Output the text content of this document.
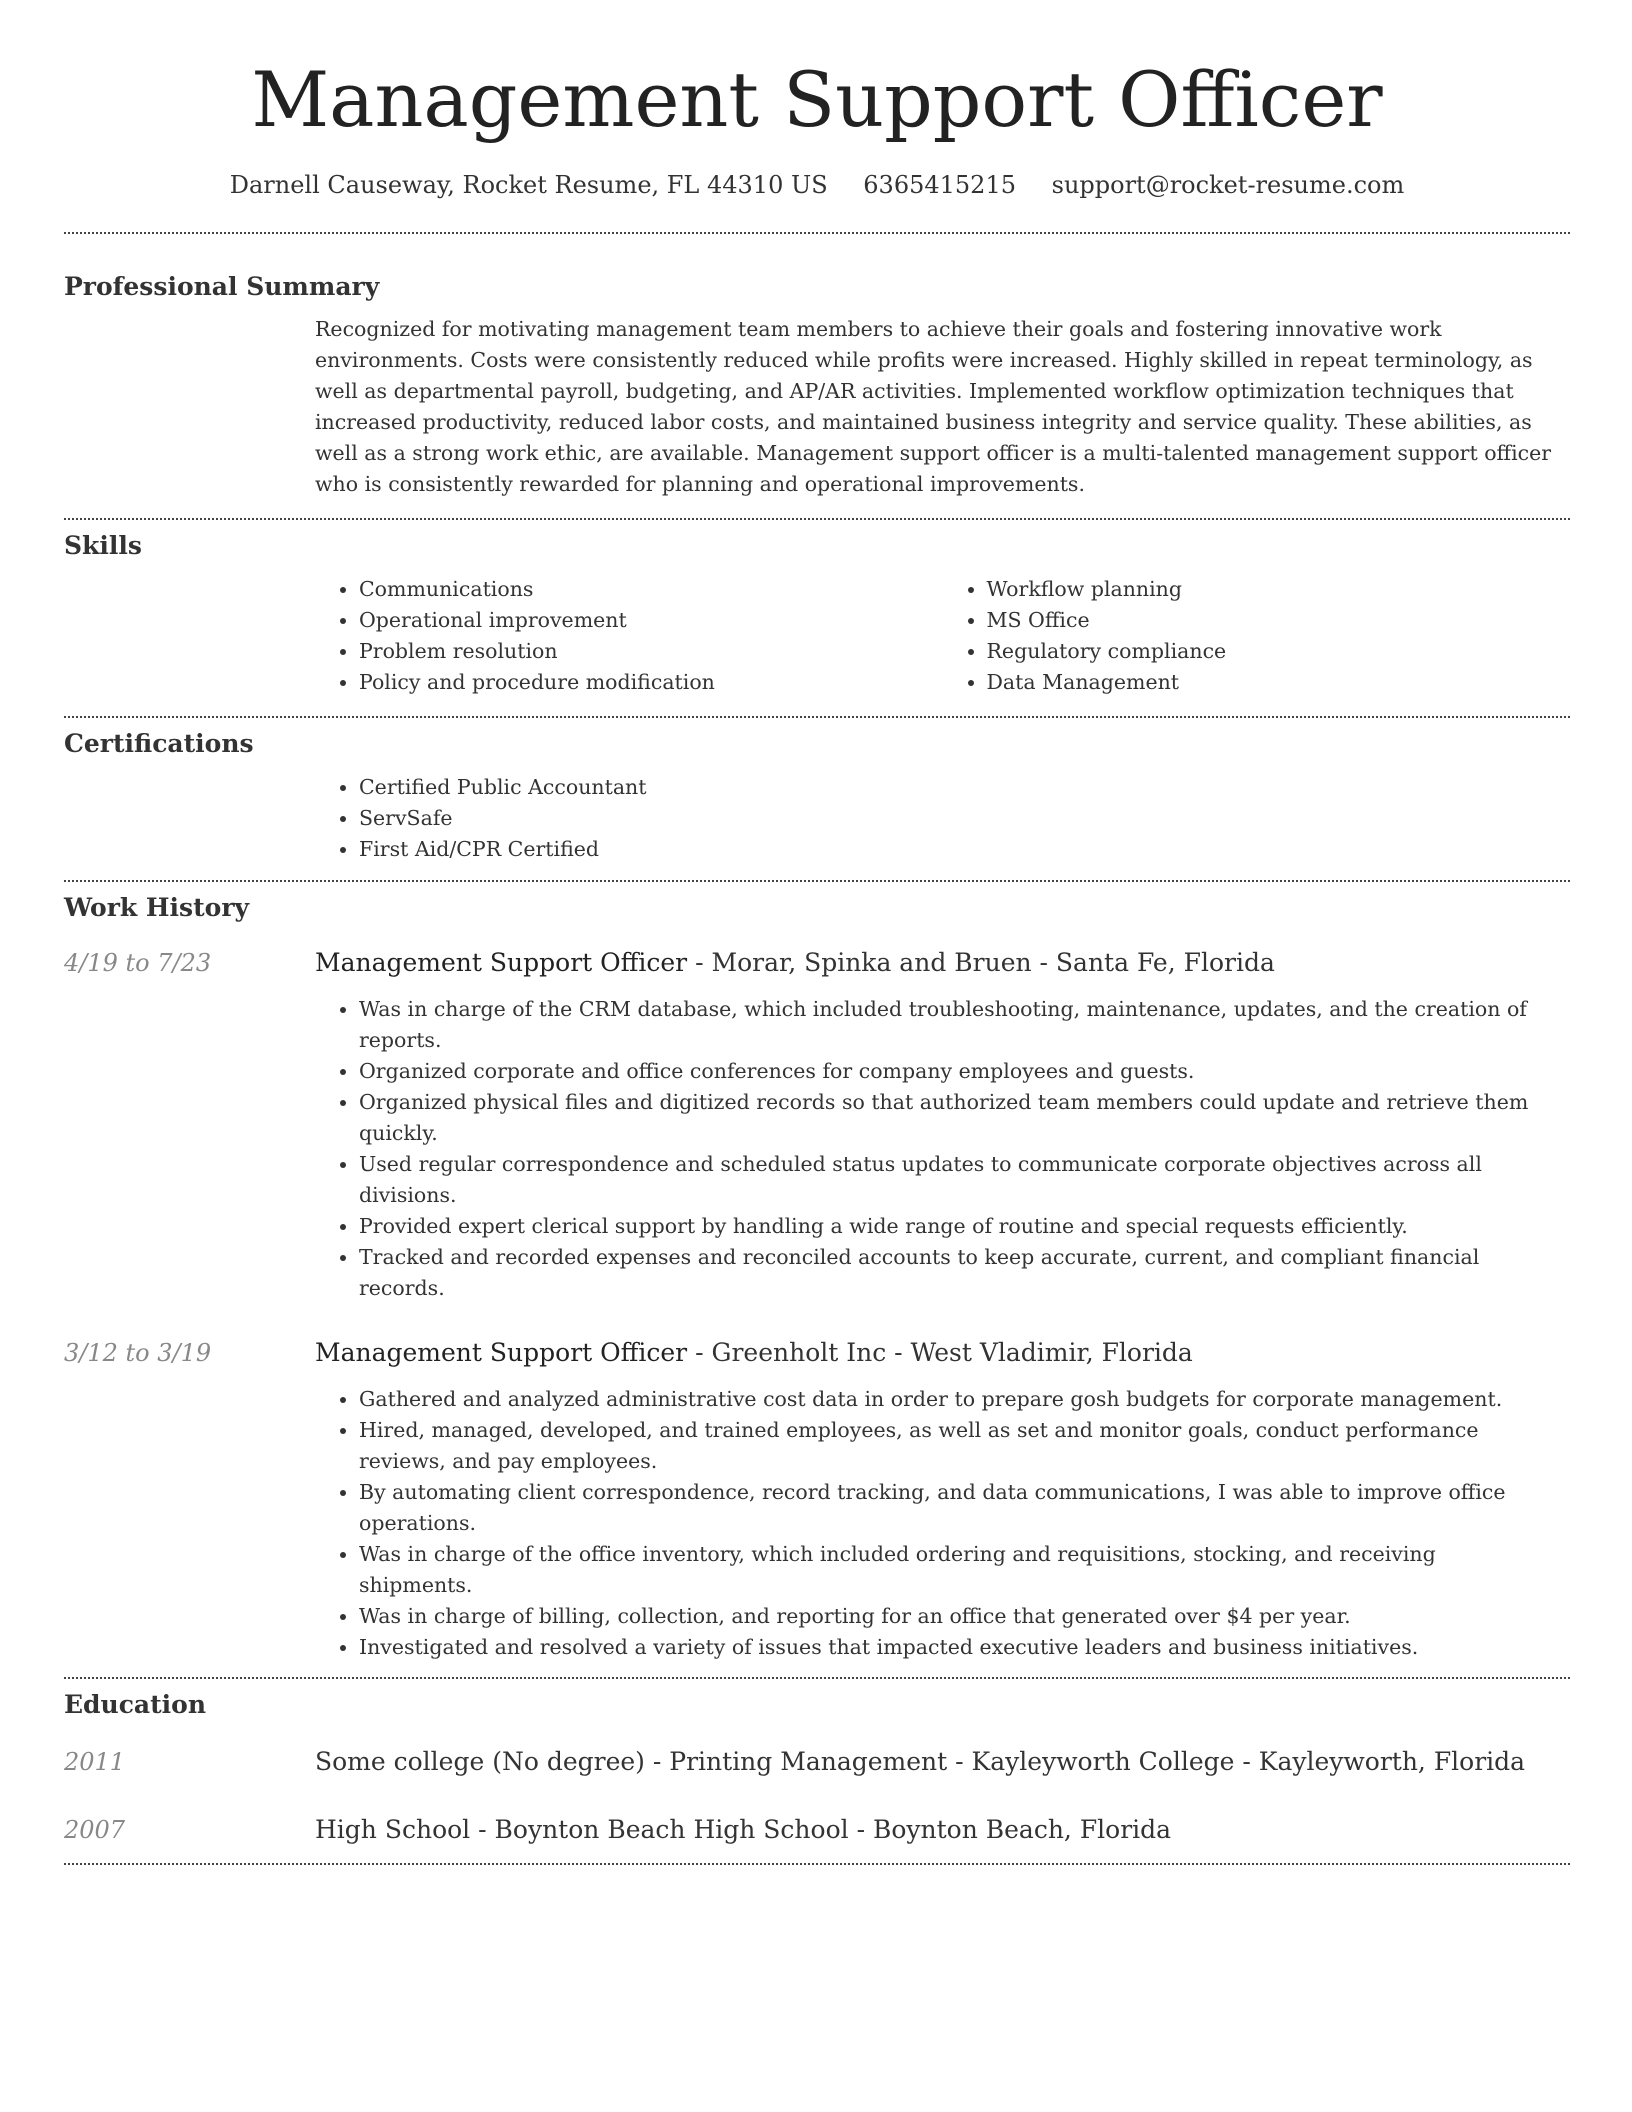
Management Support Officer
Darnell Causeway, Rocket Resume, FL 44310 US 6365415215 support@rocket-resume.com
Professional Summary
Recognized for motivating management team members to achieve their goals and fostering innovative work environments. Costs were consistently reduced while profits were increased. Highly skilled in repeat terminology, as well as departmental payroll, budgeting, and AP/AR activities. Implemented workflow optimization techniques that increased productivity, reduced labor costs, and maintained business integrity and service quality. These abilities, as well as a strong work ethic, are available. Management support officer is a multi-talented management support officer who is consistently rewarded for planning and operational improvements.
Skills
• Communications
• Operational improvement
• Problem resolution
• Policy and procedure modification
• Workflow planning
• MS Office
• Regulatory compliance
• Data Management
Certifications
• Certified Public Accountant
• ServSafe
• First Aid/CPR Certified
Work History
4/19 to 7/23	Management Support Officer - Morar, Spinka and Bruen - Santa Fe, Florida
• Was in charge of the CRM database, which included troubleshooting, maintenance, updates, and the creation of reports.
• Organized corporate and office conferences for company employees and guests.
• Organized physical files and digitized records so that authorized team members could update and retrieve them quickly.
• Used regular correspondence and scheduled status updates to communicate corporate objectives across all divisions.
• Provided expert clerical support by handling a wide range of routine and special requests efficiently.
• Tracked and recorded expenses and reconciled accounts to keep accurate, current, and compliant financial records.
3/12 to 3/19	Management Support Officer - Greenholt Inc - West Vladimir, Florida
• Gathered and analyzed administrative cost data in order to prepare gosh budgets for corporate management.
• Hired, managed, developed, and trained employees, as well as set and monitor goals, conduct performance reviews, and pay employees.
• By automating client correspondence, record tracking, and data communications, I was able to improve office operations.
• Was in charge of the office inventory, which included ordering and requisitions, stocking, and receiving shipments.
• Was in charge of billing, collection, and reporting for an office that generated over $4 per year.
• Investigated and resolved a variety of issues that impacted executive leaders and business initiatives.
Education
2011	Some college (No degree) - Printing Management - Kayleyworth College - Kayleyworth, Florida
2007	High School - Boynton Beach High School - Boynton Beach, Florida
